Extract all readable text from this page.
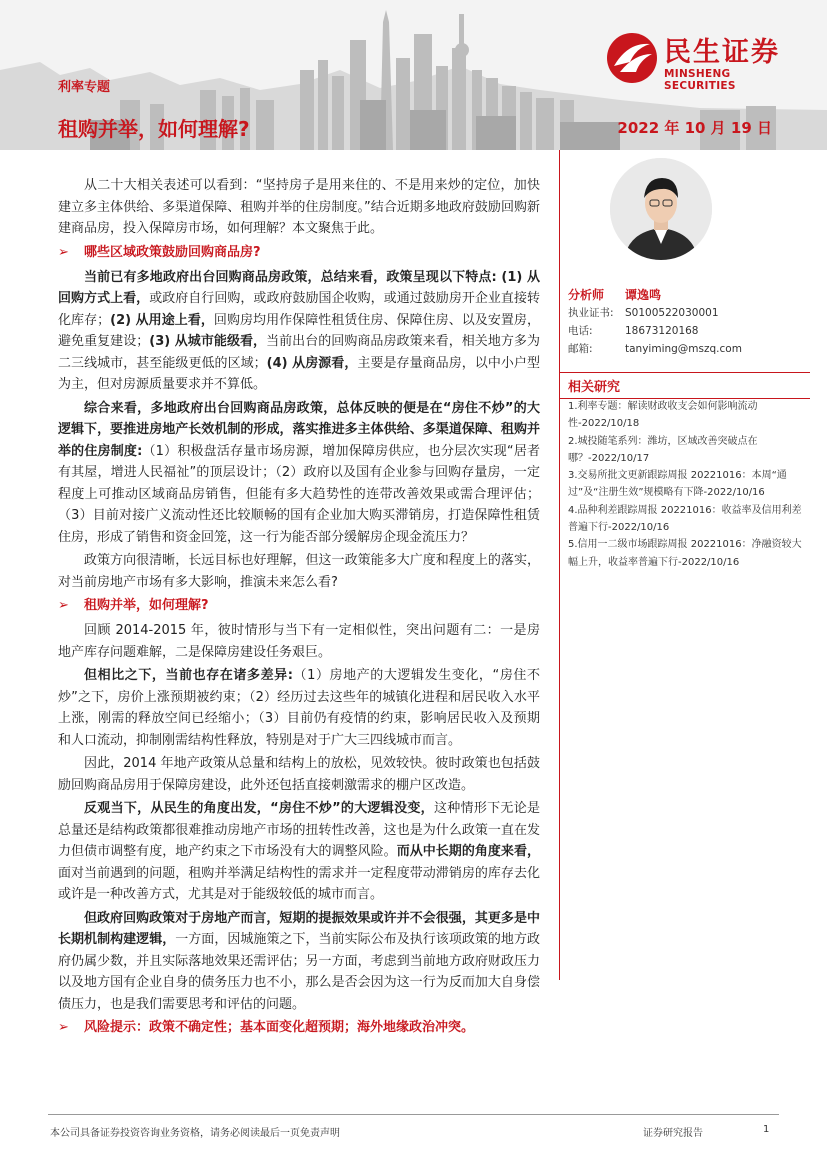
民生证券
MINSHENG SECURITIES
利率专题
租购并举，如何理解?	2022 年 10 月 19 日

从二十大相关表述可以看到：“坚持房子是用来住的、不是用来炒的定位，加快建立多主体供给、多渠道保障、租购并举的住房制度。”结合近期多地政府鼓励回购新建商品房，投入保障房市场，如何理解？本文聚焦于此。

➢	哪些区域政策鼓励回购商品房?

当前已有多地政府出台回购商品房政策，总结来看，政策呈现以下特点: (1) 从回购方式上看，或政府自行回购，或政府鼓励国企收购，或通过鼓励房开企业直接转化库存；(2) 从用途上看，回购房均用作保障性租赁住房、保障住房、以及安置房，避免重复建设；(3) 从城市能级看，当前出台的回购商品房政策来看，相关地方多为二三线城市，甚至能级更低的区域；(4) 从房源看，主要是存量商品房，以中小户型为主，但对房源质量要求并不算低。

综合来看，多地政府出台回购商品房政策，总体反映的便是在“房住不炒”的大逻辑下，要推进房地产长效机制的形成，落实推进多主体供给、多渠道保障、租购并举的住房制度:（1）积极盘活存量市场房源，增加保障房供应，也分层次实现“居者有其屋，增进人民福祉”的顶层设计；（2）政府以及国有企业参与回购存量房，一定程度上可推动区域商品房销售，但能有多大趋势性的连带改善效果或需合理评估；（3）目前对接广义流动性还比较顺畅的国有企业加大购买滞销房，打造保障性租赁住房，形成了销售和资金回笼，这一行为能否部分缓解房企现金流压力？

政策方向很清晰，长远目标也好理解，但这一政策能多大广度和程度上的落实，对当前房地产市场有多大影响，推演未来怎么看?

➢	租购并举，如何理解?

回顾 2014-2015 年，彼时情形与当下有一定相似性，突出问题有二：一是房地产库存问题难解，二是保障房建设任务艰巨。

但相比之下，当前也存在诸多差异:（1）房地产的大逻辑发生变化，“房住不炒”之下，房价上涨预期被约束；（2）经历过去这些年的城镇化进程和居民收入水平上涨，刚需的释放空间已经缩小；（3）目前仍有疫情的约束，影响居民收入及预期和人口流动，抑制刚需结构性释放，特别是对于广大三四线城市而言。

因此，2014 年地产政策从总量和结构上的放松，见效较快。彼时政策也包括鼓励回购商品房用于保障房建设，此外还包括直接刺激需求的棚户区改造。

反观当下，从民生的角度出发，“房住不炒”的大逻辑没变，这种情形下无论是总量还是结构政策都很难推动房地产市场的扭转性改善，这也是为什么政策一直在发力但债市调整有度，地产约束之下市场没有大的调整风险。而从中长期的角度来看，面对当前遇到的问题，租购并举满足结构性的需求并一定程度带动滞销房的库存去化或许是一种改善方式，尤其是对于能级较低的城市而言。

但政府回购政策对于房地产而言，短期的提振效果或许并不会很强，其更多是中长期机制构建逻辑，一方面，因城施策之下，当前实际公布及执行该项政策的地方政府仍属少数，并且实际落地效果还需评估；另一方面，考虑到当前地方政府财政压力以及地方国有企业自身的债务压力也不小，那么是否会因为这一行为反而加大自身偿债压力，也是我们需要思考和评估的问题。

➢	风险提示：政策不确定性；基本面变化超预期；海外地缘政治冲突。
分析师	谭逸鸣
执业证书: S0100522030001
电话:	18673120168
邮箱:	tanyiming@mszq.com
相关研究
1.利率专题：解读财政收支会如何影响流动性-2022/10/18
2.城投随笔系列：潍坊，区域改善突破点在哪？-2022/10/17
3.交易所批文更新跟踪周报 20221016：本周“通过”及“注册生效”规模略有下降-2022/10/16
4.品种利差跟踪周报 20221016：收益率及信用利差普遍下行-2022/10/16
5.信用一二级市场跟踪周报 20221016：净融资较大幅上升，收益率普遍下行-2022/10/16
本公司具备证券投资咨询业务资格，请务必阅读最后一页免责声明	证券研究报告	1
